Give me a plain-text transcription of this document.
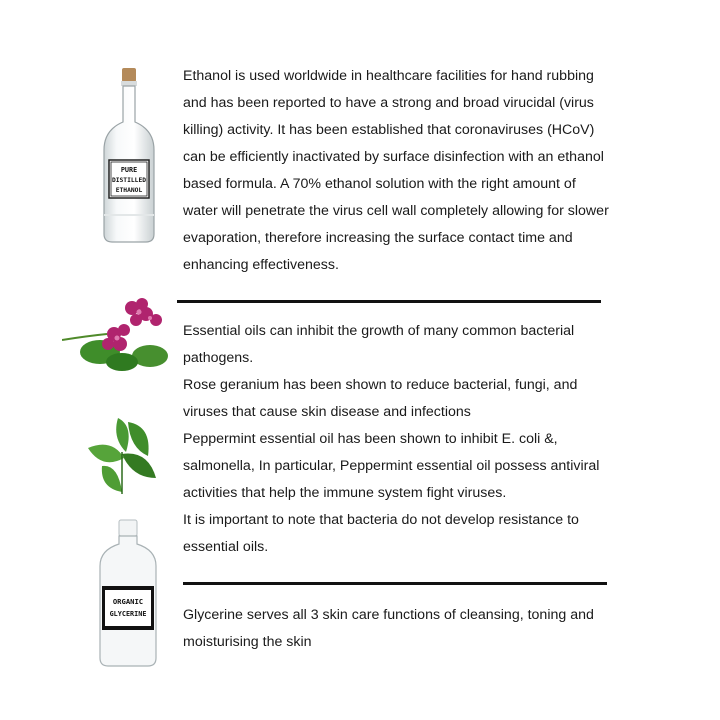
PURE
DISTILLED
ETHANOL

Ethanol is used worldwide in healthcare facilities for hand rubbing and has been reported to have a strong and broad virucidal (virus killing) activity. It has been established that coronaviruses (HCoV) can be efficiently inactivated by surface disinfection with an ethanol based formula. A 70% ethanol solution with the right amount of water will penetrate the virus cell wall completely allowing for slower evaporation, therefore increasing the surface contact time and enhancing effectiveness.

Essential oils can inhibit the growth of many common bacterial pathogens.

Rose geranium has been shown to reduce bacterial, fungi, and viruses that cause skin disease and infections

Peppermint essential oil has been shown to inhibit E. coli &, salmonella, In particular, Peppermint essential oil possess antiviral activities that help the immune system fight viruses.

It is important to note that bacteria do not develop resistance to essential oils.

ORGANIC
GLYCERINE	Glycerine serves all 3 skin care functions of cleansing, toning and moisturising the skin
